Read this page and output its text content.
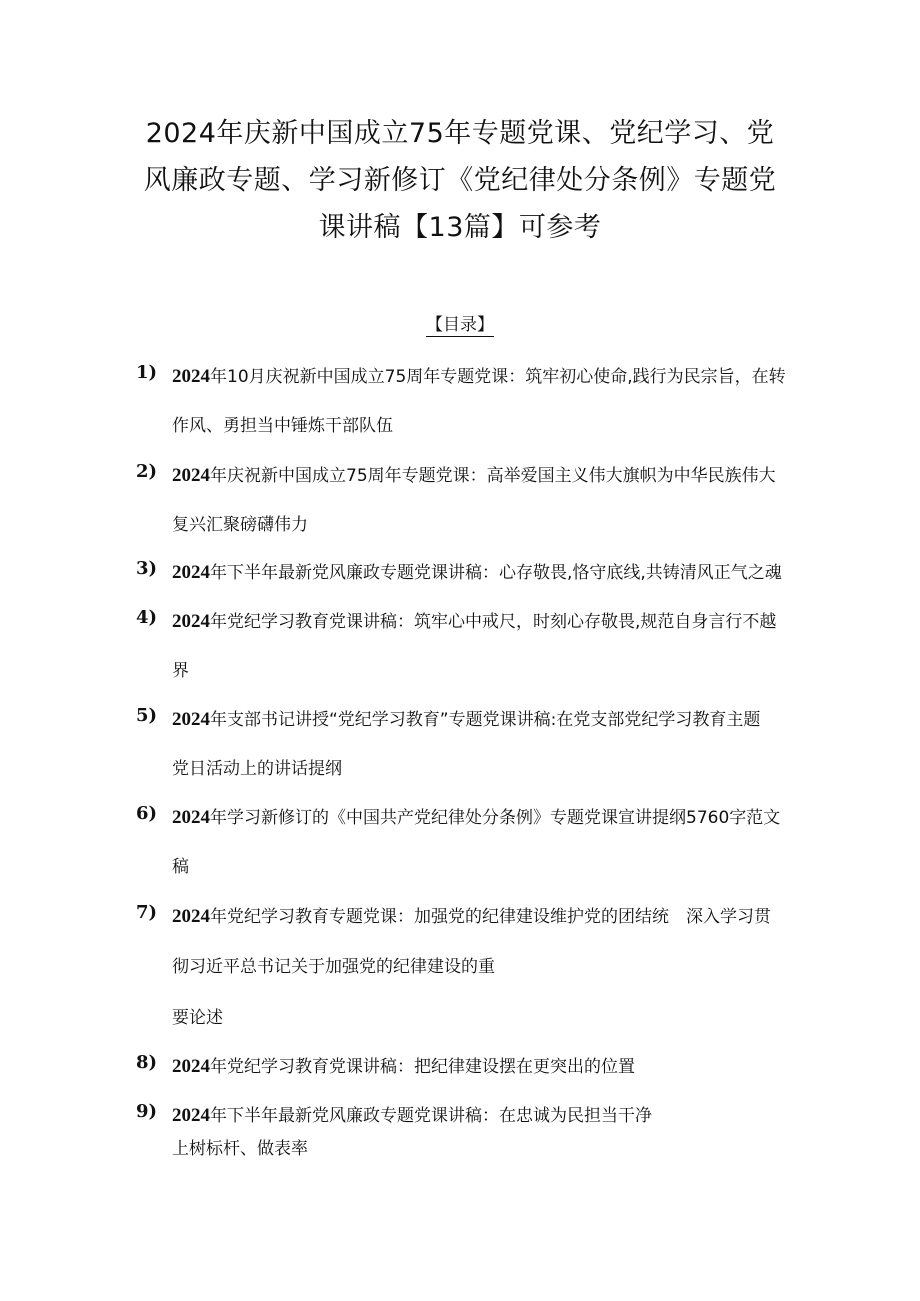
2024年庆新中国成立75年专题党课、党纪学习、党
风廉政专题、学习新修订《党纪律处分条例》专题党
课讲稿【13篇】可参考
【目录】
1) 2024年10月庆祝新中国成立75周年专题党课：筑牢初心使命,践行为民宗旨，在转
作风、勇担当中锤炼干部队伍
2) 2024年庆祝新中国成立75周年专题党课：高举爱国主义伟大旗帜为中华民族伟大
复兴汇聚磅礴伟力
3) 2024年下半年最新党风廉政专题党课讲稿：心存敬畏,恪守底线,共铸清风正气之魂
4) 2024年党纪学习教育党课讲稿：筑牢心中戒尺，时刻心存敬畏,规范自身言行不越
界
5) 2024年支部书记讲授“党纪学习教育”专题党课讲稿:在党支部党纪学习教育主题
党日活动上的讲话提纲
6) 2024年学习新修订的《中国共产党纪律处分条例》专题党课宣讲提纲5760字范文
稿
7) 2024年党纪学习教育专题党课：加强党的纪律建设维护党的团结统　深入学习贯
彻习近平总书记关于加强党的纪律建设的重
要论述
8) 2024年党纪学习教育党课讲稿：把纪律建设摆在更突出的位置
9) 2024年下半年最新党风廉政专题党课讲稿：在忠诚为民担当干净
上树标杆、做表率
